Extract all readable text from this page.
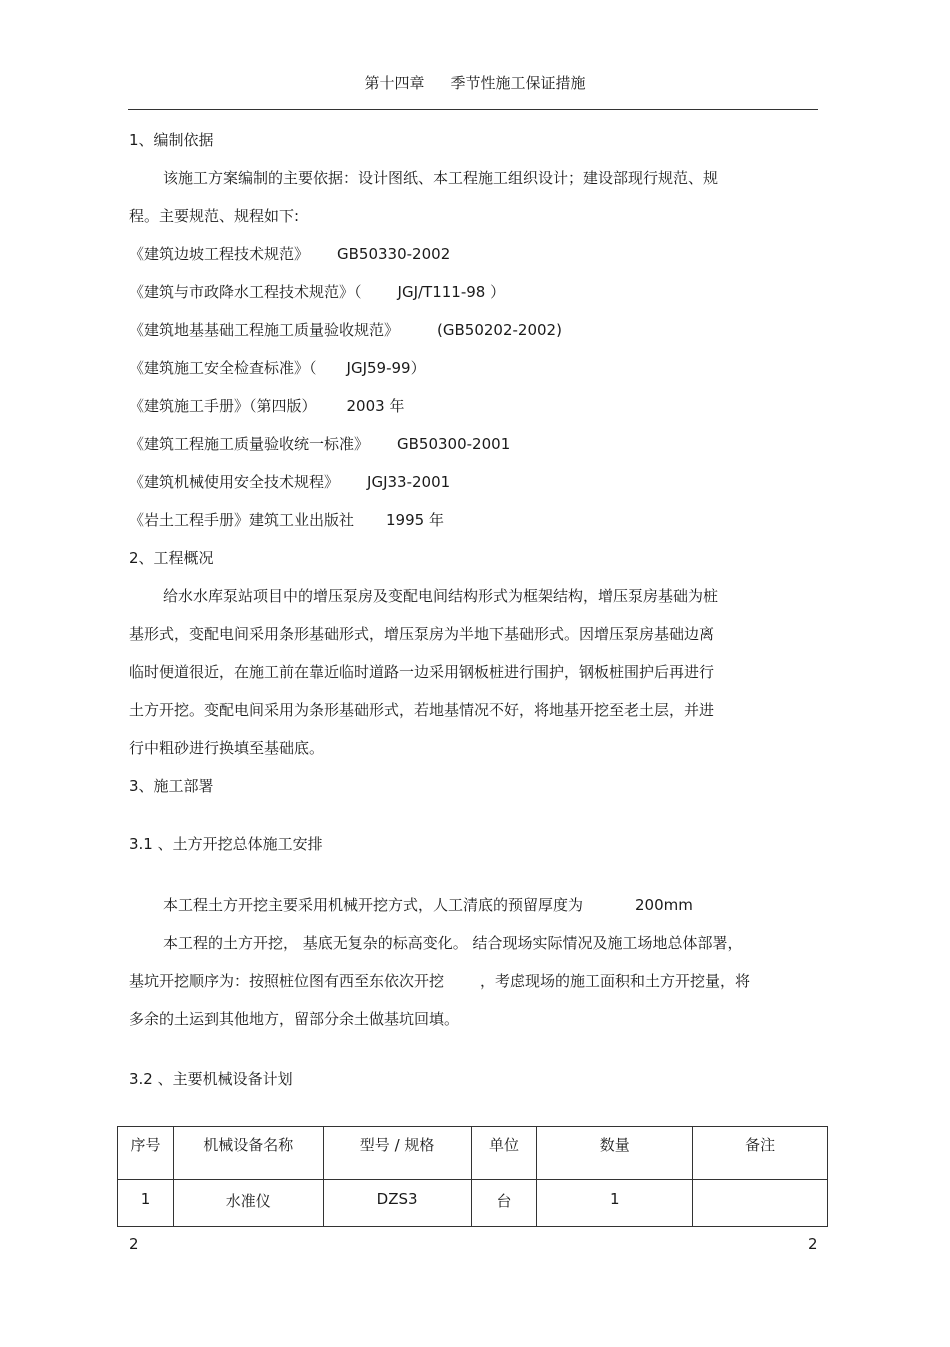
第十四章 季节性施工保证措施
1、编制依据
该施工方案编制的主要依据：设计图纸、本工程施工组织设计；建设部现行规范、规
程。主要规范、规程如下:
《建筑边坡工程技术规范》 GB50330-2002
《建筑与市政降水工程技术规范》（ JGJ/T111-98 ）
《建筑地基基础工程施工质量验收规范》	(GB50202-2002)
《建筑施工安全检查标准》（ JGJ59-99）
《建筑施工手册》（第四版） 2003 年
《建筑工程施工质量验收统一标准》 GB50300-2001
《建筑机械使用安全技术规程》 JGJ33-2001
《岩土工程手册》建筑工业出版社 1995 年
2、工程概况
给水水库泵站项目中的增压泵房及变配电间结构形式为框架结构，增压泵房基础为桩
基形式，变配电间采用条形基础形式，增压泵房为半地下基础形式。因增压泵房基础边离
临时便道很近，在施工前在靠近临时道路一边采用钢板桩进行围护，钢板桩围护后再进行
土方开挖。变配电间采用为条形基础形式，若地基情况不好，将地基开挖至老土层，并进
行中粗砂进行换填至基础底。
3、施工部署
3.1 、土方开挖总体施工安排
本工程土方开挖主要采用机械开挖方式，人工清底的预留厚度为	200mm
本工程的土方开挖， 基底无复杂的标高变化。 结合现场实际情况及施工场地总体部署，
基坑开挖顺序为：按照桩位图有西至东依次开挖 ，考虑现场的施工面积和土方开挖量，将
多余的土运到其他地方，留部分余土做基坑回填。
3.2 、主要机械设备计划
序号	机械设备名称	型号 / 规格	单位	数量	备注
1	水准仪	DZS3	台	1	
2	2
